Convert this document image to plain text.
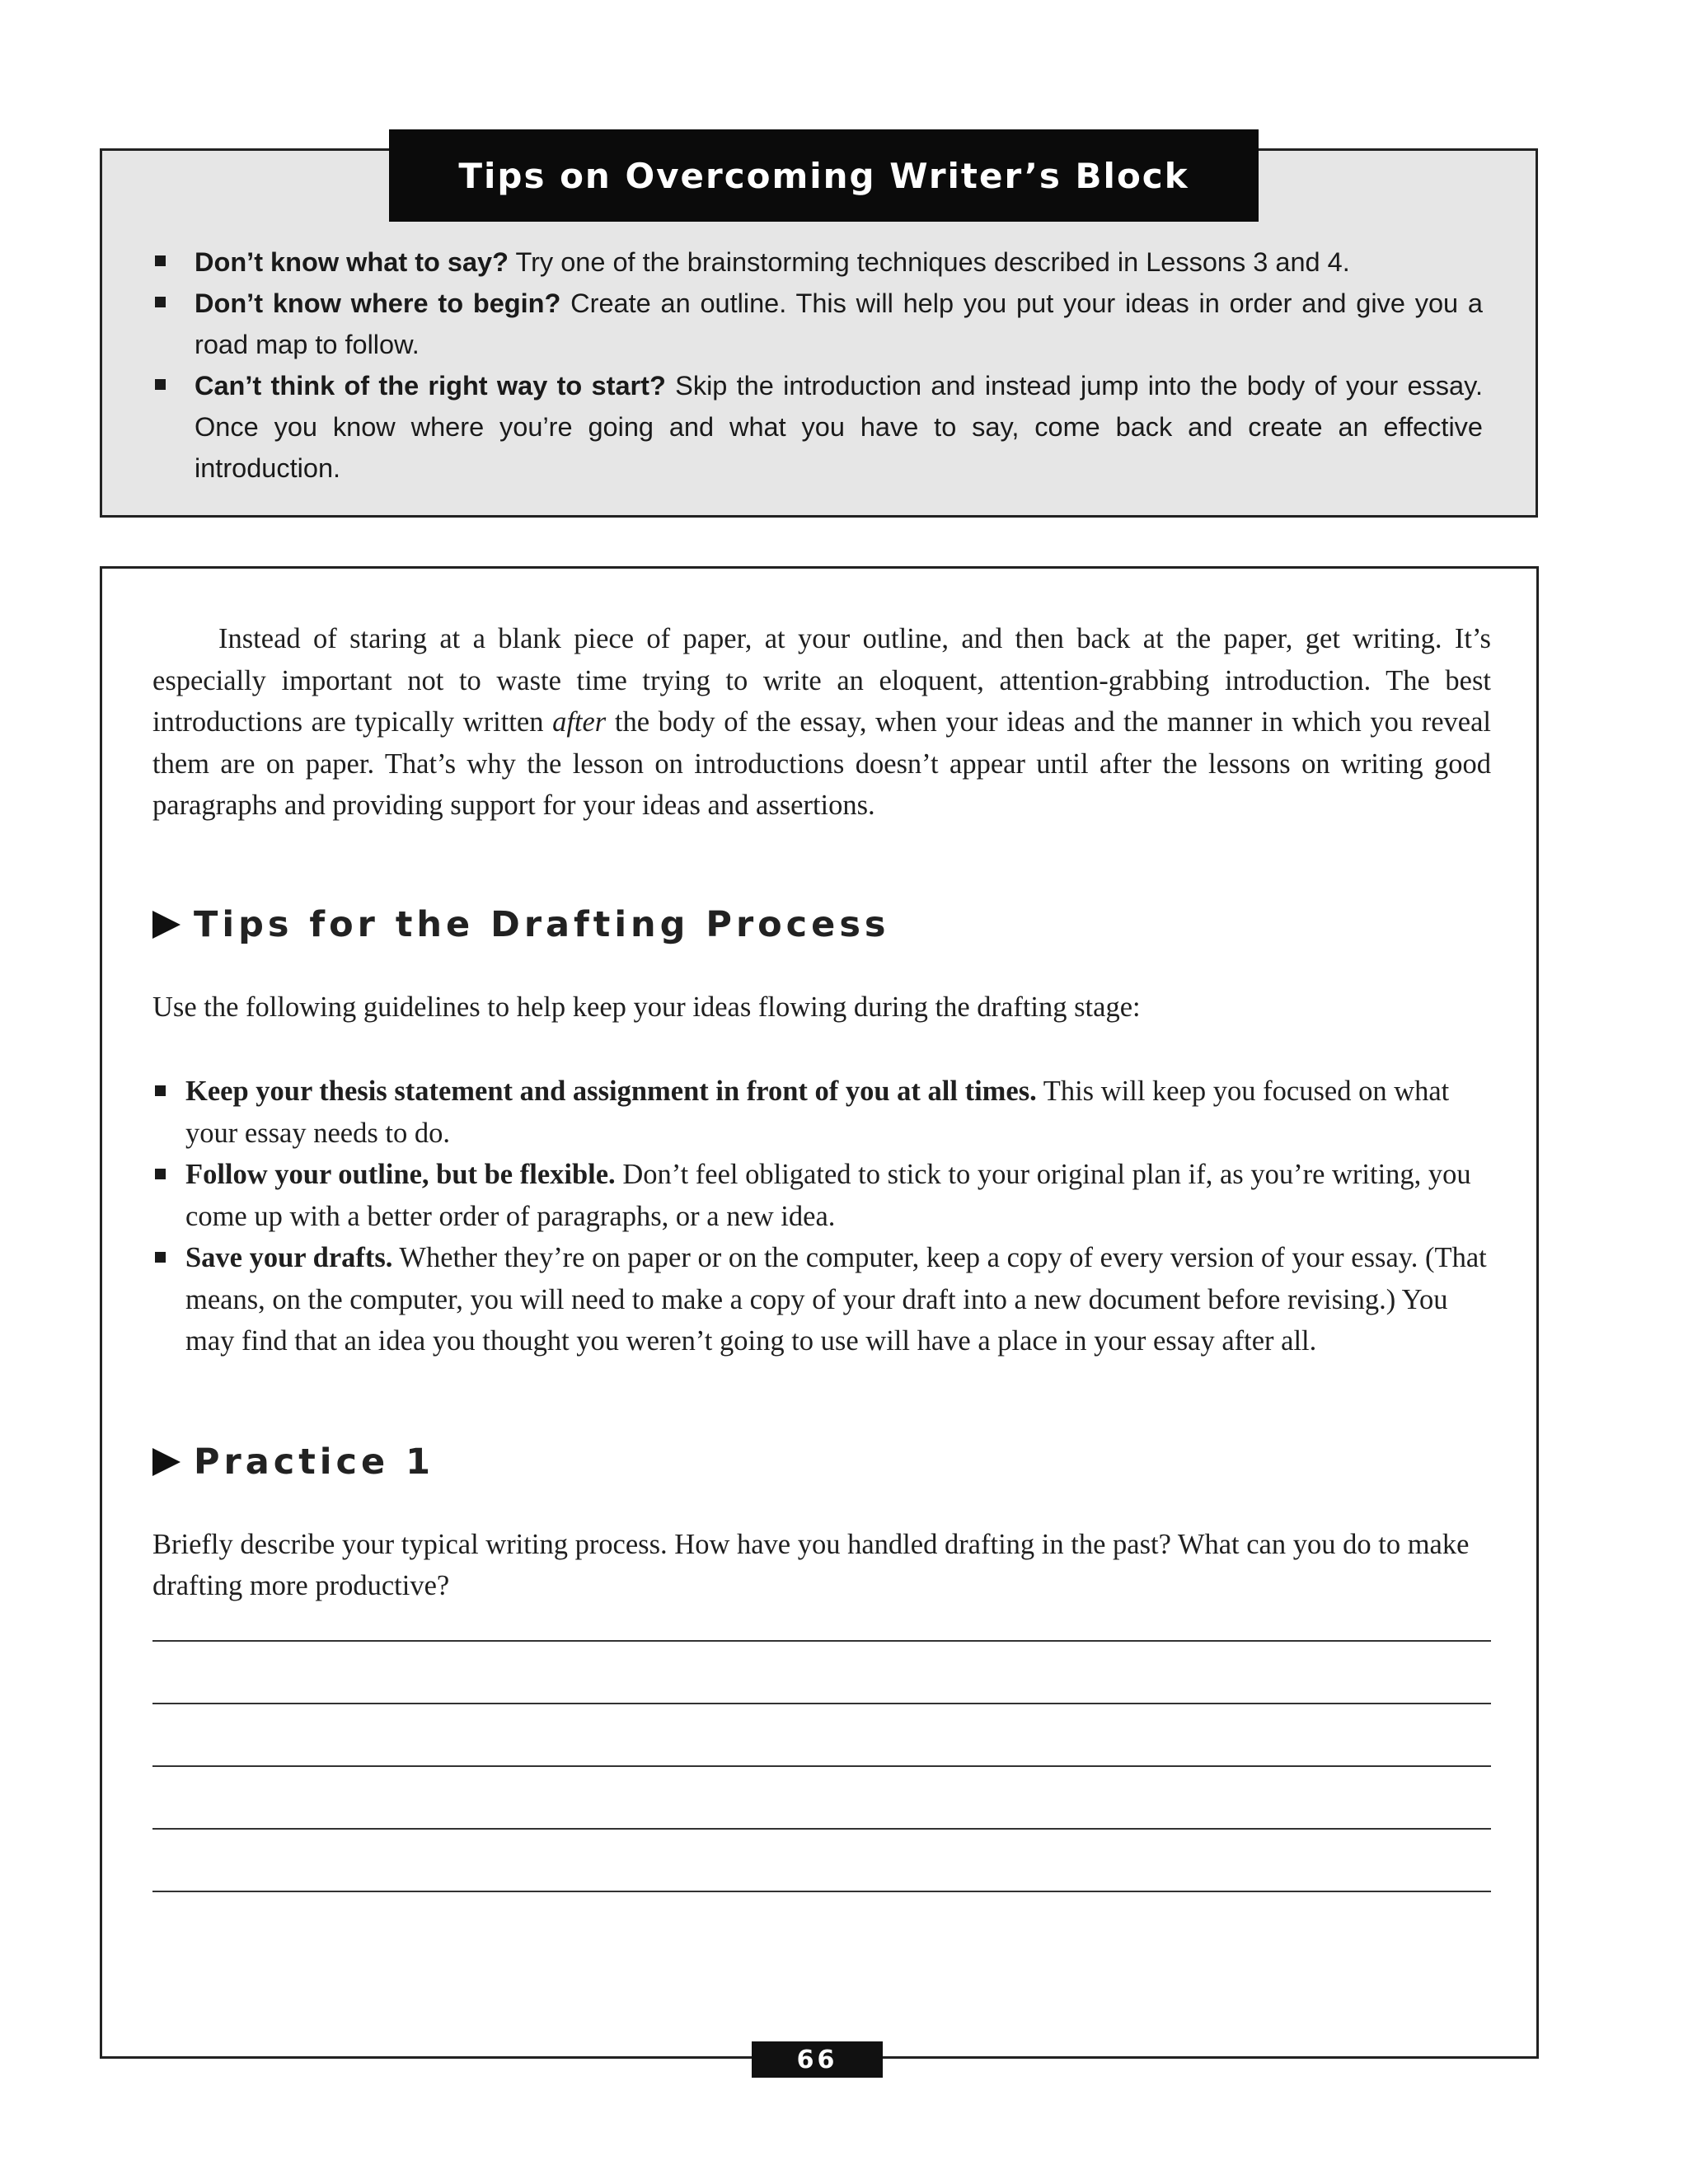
Don’t know what to say? Try one of the brainstorming techniques described in Lessons 3 and 4.
Don’t know where to begin? Create an outline. This will help you put your ideas in order and give you a road map to follow.
Can’t think of the right way to start? Skip the introduction and instead jump into the body of your essay. Once you know where you’re going and what you have to say, come back and create an effective introduction.
Tips on Overcoming Writer’s Block

Instead of staring at a blank piece of paper, at your outline, and then back at the paper, get writing. It’s especially important not to waste time trying to write an eloquent, attention-grabbing introduction. The best introductions are typically written after the body of the essay, when your ideas and the manner in which you reveal them are on paper. That’s why the lesson on introductions doesn’t appear until after the lessons on writing good paragraphs and providing support for your ideas and assertions.

Tips for the Drafting Process

Use the following guidelines to help keep your ideas flowing during the drafting stage:

Keep your thesis statement and assignment in front of you at all times. This will keep you focused on what your essay needs to do.
Follow your outline, but be flexible. Don’t feel obligated to stick to your original plan if, as you’re writing, you come up with a better order of paragraphs, or a new idea.
Save your drafts. Whether they’re on paper or on the computer, keep a copy of every version of your essay. (That means, on the computer, you will need to make a copy of your draft into a new document before revising.) You may find that an idea you thought you weren’t going to use will have a place in your essay after all.
Practice 1

Briefly describe your typical writing process. How have you handled drafting in the past? What can you do to make drafting more productive?

66
